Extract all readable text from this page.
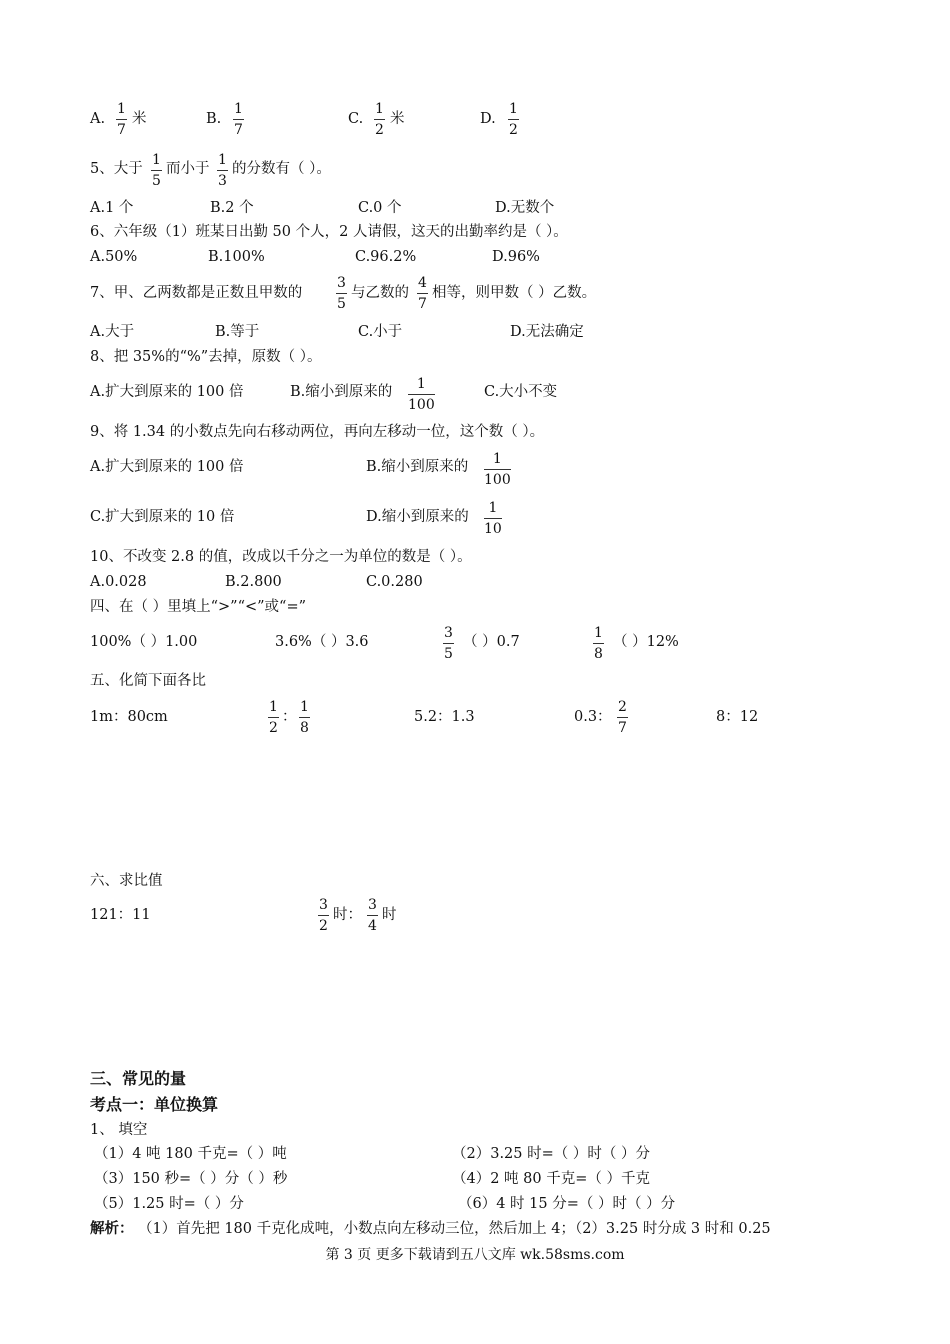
A. $\frac{1}{7}$ 米	B. $\frac{1}{7}$	C. $\frac{1}{2}$ 米	D. $\frac{1}{2}$
5、大于 $\frac{1}{5}$ 而小于 $\frac{1}{3}$ 的分数有（ ）。
A.1 个	B.2 个	C.0 个	D.无数个
6、六年级（1）班某日出勤 50 个人，2 人请假，这天的出勤率约是（ ）。
A.50%	B.100%	C.96.2%	D.96%
7、甲、乙两数都是正数且甲数的 $\frac{3}{5}$ 与乙数的 $\frac{4}{7}$ 相等，则甲数（ ）乙数。
A.大于	B.等于	C.小于	D.无法确定
8、把 35%的“%”去掉，原数（ ）。
A.扩大到原来的 100 倍	B.缩小到原来的 $\frac{1}{100}$	C.大小不变
9、将 1.34 的小数点先向右移动两位，再向左移动一位，这个数（ ）。
A.扩大到原来的 100 倍	B.缩小到原来的 $\frac{1}{100}$
C.扩大到原来的 10 倍	D.缩小到原来的 $\frac{1}{10}$
10、不改变 2.8 的值，改成以千分之一为单位的数是（ ）。
A.0.028	B.2.800	C.0.280
四、在（ ）里填上“>”“<”或“=”
100%（ ）1.00	3.6%（ ）3.6	$\frac{3}{5}$ （ ）0.7	$\frac{1}{8}$ （ ）12%
五、化简下面各比
1m：80cm	$\frac{1}{2}$ ： $\frac{1}{8}$	5.2：1.3	0.3： $\frac{2}{7}$	8：12
六、求比值
121：11	$\frac{3}{2}$ 时： $\frac{3}{4}$ 时
三、常见的量
考点一：单位换算
1、 填空
（1）4 吨 180 千克=（ ）吨	（2）3.25 时=（ ）时（ ）分
（3）150 秒=（ ）分（ ）秒	（4）2 吨 80 千克=（ ）千克
（5）1.25 时=（ ）分	（6）4 时 15 分=（ ）时（ ）分
解析： （1）首先把 180 千克化成吨，小数点向左移动三位，然后加上 4；（2）3.25 时分成 3 时和 0.25
第 3 页 更多下载请到五八文库 wk.58sms.com
